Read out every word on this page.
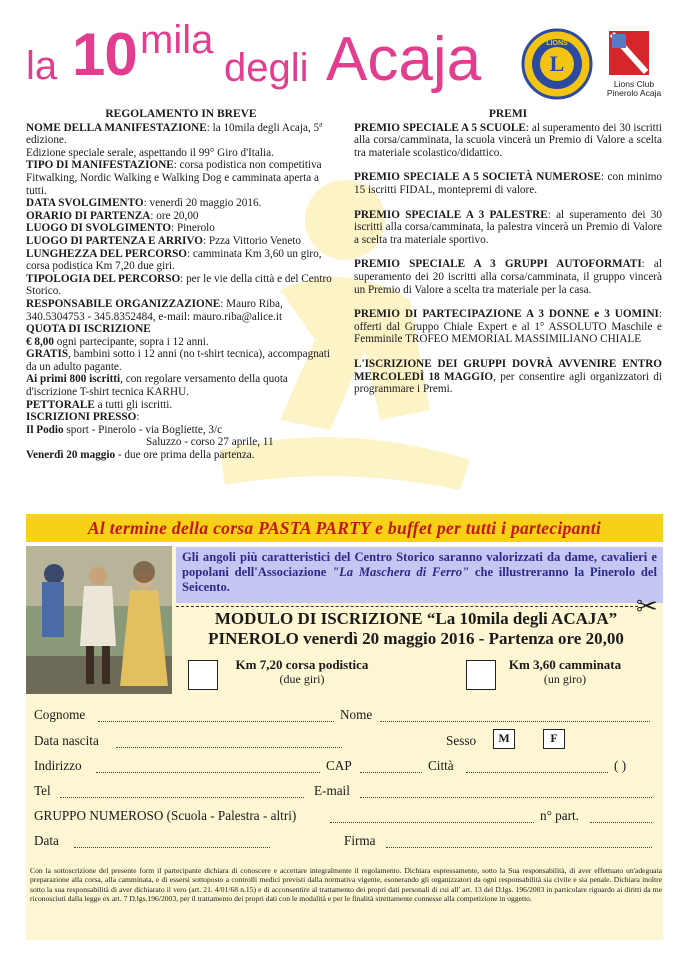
la 10 mila
degli Acaja	L
LIONS
Lions Club
Pinerolo Acaja
REGOLAMENTO IN BREVE
NOME DELLA MANIFESTAZIONE: la 10mila degli Acaja, 5ª edizione.
Edizione speciale serale, aspettando il 99° Giro d'Italia.
TIPO DI MANIFESTAZIONE: corsa podistica non competitiva Fitwalking, Nordic Walking e Walking Dog e camminata aperta a tutti.
DATA SVOLGIMENTO: venerdì 20 maggio 2016.
ORARIO DI PARTENZA: ore 20,00
LUOGO DI SVOLGIMENTO: Pinerolo
LUOGO DI PARTENZA E ARRIVO: Pzza Vittorio Veneto
LUNGHEZZA DEL PERCORSO: camminata Km 3,60 un giro, corsa podistica Km 7,20 due giri.
TIPOLOGIA DEL PERCORSO: per le vie della città e del Centro Storico.
RESPONSABILE ORGANIZZAZIONE: Mauro Riba, 340.5304753 - 345.8352484, e-mail: mauro.riba@alice.it
QUOTA DI ISCRIZIONE
€ 8,00 ogni partecipante, sopra i 12 anni.
GRATIS, bambini sotto i 12 anni (no t-shirt tecnica), accompagnati da un adulto pagante.
Ai primi 800 iscritti, con regolare versamento della quota d'iscrizione T-shirt tecnica KARHU.
PETTORALE a tutti gli iscritti.
ISCRIZIONI PRESSO:
Il Podio sport - Pinerolo - via Bogliette, 3/c
Saluzzo - corso 27 aprile, 11
Venerdì 20 maggio - due ore prima della partenza.
PREMI
PREMIO SPECIALE A 5 SCUOLE: al superamento dei 30 iscritti alla corsa/camminata, la scuola vincerà un Premio di Valore a scelta tra materiale scolastico/didattico.
PREMIO SPECIALE A 5 SOCIETÀ NUMEROSE: con minimo 15 iscritti FIDAL, montepremi di valore.
PREMIO SPECIALE A 3 PALESTRE: al superamento dei 30 iscritti alla corsa/camminata, la palestra vincerà un Premio di Valore a scelta tra materiale sportivo.
PREMIO SPECIALE A 3 GRUPPI AUTOFORMATI: al superamento dei 20 iscritti alla corsa/camminata, il gruppo vincerà un Premio di Valore a scelta tra materiale per la casa.
PREMIO DI PARTECIPAZIONE A 3 DONNE e 3 UOMINI: offerti dal Gruppo Chiale Expert e al 1° ASSOLUTO Maschile e Femminile TROFEO MEMORIAL MASSIMILIANO CHIALE
L'ISCRIZIONE DEI GRUPPI DOVRÀ AVVENIRE ENTRO MERCOLEDÌ 18 MAGGIO, per consentire agli organizzatori di programmare i Premi.
Al termine della corsa PASTA PARTY e buffet per tutti i partecipanti
Gli angoli più caratteristici del Centro Storico saranno valorizzati da dame, cavalieri e popolani dell'Associazione "La Maschera di Ferro" che illustreranno la Pinerolo del Seicento.
✂
MODULO DI ISCRIZIONE “La 10mila degli ACAJA”
PINEROLO venerdì 20 maggio 2016 - Partenza ore 20,00
Km 7,20 corsa podistica
(due giri)
Km 3,60 camminata
(un giro)
Cognome	Nome
Data nascita	Sesso	M	F
Indirizzo	CAP	Città	( )
Tel	E-mail
GRUPPO NUMEROSO (Scuola - Palestra - altri)	n° part.
Data	Firma
Con la sottoscrizione del presente form il partecipante dichiara di conoscere e accettare integralmente il regolamento. Dichiara espressamente, sotto la Sua responsabilità, di aver effettuato un'adeguata preparazione alla corsa, alla camminata, e di essersi sottoposto a controlli medici previsti dalla normativa vigente, esonerando gli organizzatori da ogni responsabilità sia civile e sia penale. Dichiara inoltre sotto la sua responsabilità di aver dichiarato il vero (art. 21. 4/01/68 n.15) e di acconsentire al trattamento dei propri dati personali di cui all' art. 13 del D.lgs. 196/2003 in particolare riguardo ai diritti da me riconosciuti dalla legge ex art. 7 D.lgs.196/2003, per il trattamento dei propri dati con le modalità e per le finalità strettamente connesse alla competizione in oggetto.
